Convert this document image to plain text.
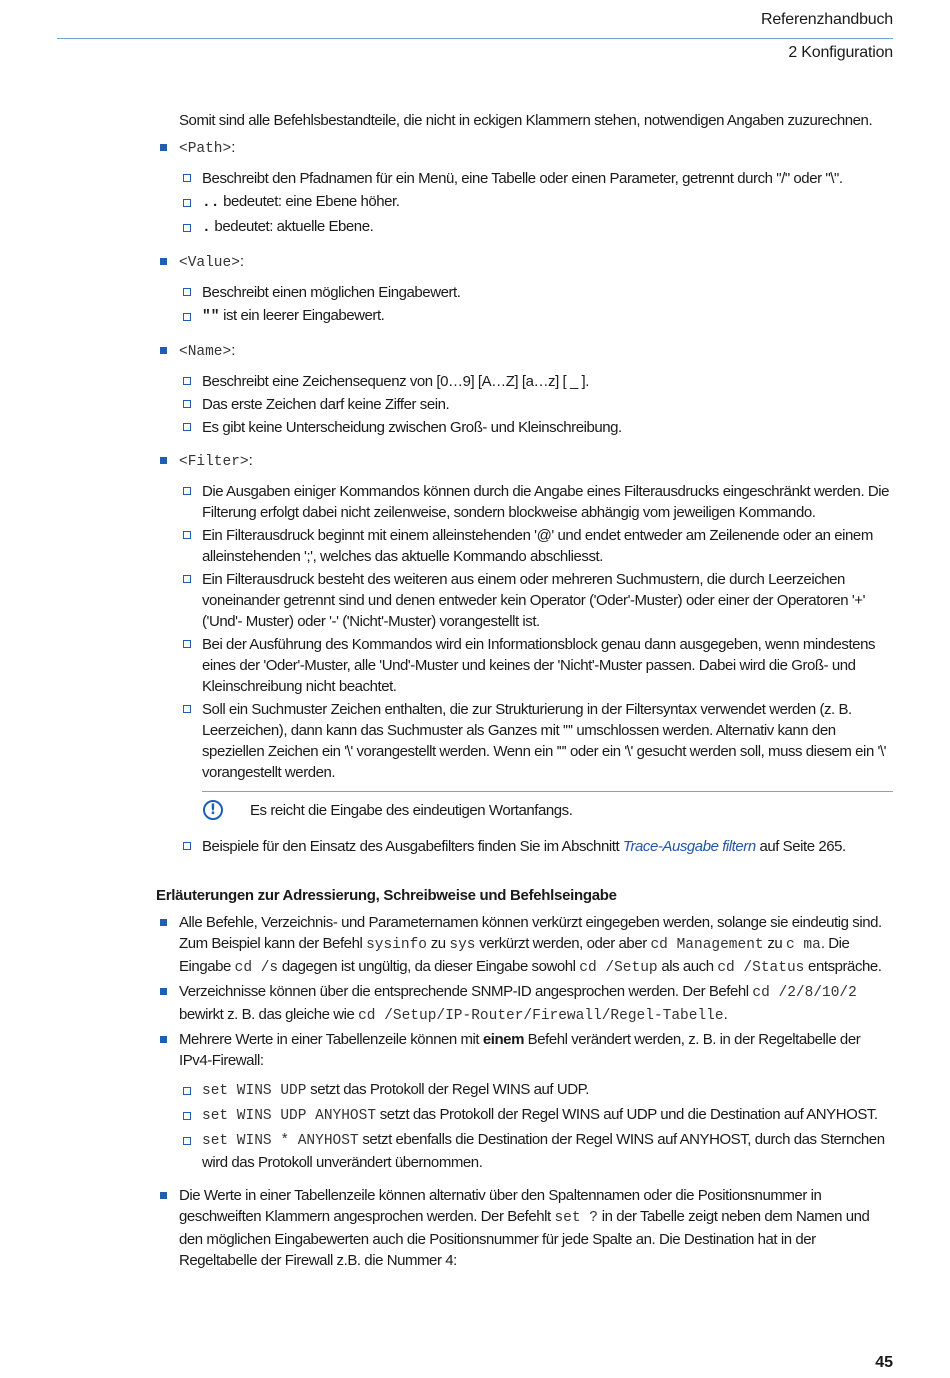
Referenzhandbuch
2 Konfiguration

Somit sind alle Befehlsbestandteile, die nicht in eckigen Klammern stehen, notwendigen Angaben zuzurechnen.

<Path>:
Beschreibt den Pfadnamen für ein Menü, eine Tabelle oder einen Parameter, getrennt durch "/" oder "\".
.. bedeutet: eine Ebene höher.
. bedeutet: aktuelle Ebene.
<Value>:
Beschreibt einen möglichen Eingabewert.
"" ist ein leerer Eingabewert.
<Name>:
Beschreibt eine Zeichensequenz von [0…9] [A…Z] [a…z] [ _ ].
Das erste Zeichen darf keine Ziffer sein.
Es gibt keine Unterscheidung zwischen Groß- und Kleinschreibung.
<Filter>:
Die Ausgaben einiger Kommandos können durch die Angabe eines Filterausdrucks eingeschränkt werden. Die Filterung erfolgt dabei nicht zeilenweise, sondern blockweise abhängig vom jeweiligen Kommando.
Ein Filterausdruck beginnt mit einem alleinstehenden '@' und endet entweder am Zeilenende oder an einem alleinstehenden ';', welches das aktuelle Kommando abschliesst.
Ein Filterausdruck besteht des weiteren aus einem oder mehreren Suchmustern, die durch Leerzeichen voneinander getrennt sind und denen entweder kein Operator ('Oder'-Muster) oder einer der Operatoren '+' ('Und'- Muster) oder '-' ('Nicht'-Muster) vorangestellt ist.
Bei der Ausführung des Kommandos wird ein Informationsblock genau dann ausgegeben, wenn mindestens eines der 'Oder'-Muster, alle 'Und'-Muster und keines der 'Nicht'-Muster passen. Dabei wird die Groß- und Kleinschreibung nicht beachtet.
Soll ein Suchmuster Zeichen enthalten, die zur Strukturierung in der Filtersyntax verwendet werden (z. B. Leerzeichen), dann kann das Suchmuster als Ganzes mit '"' umschlossen werden. Alternativ kann den speziellen Zeichen ein '\' vorangestellt werden. Wenn ein '"' oder ein '\' gesucht werden soll, muss diesem ein '\' vorangestellt werden.
!	Es reicht die Eingabe des eindeutigen Wortanfangs.
Beispiele für den Einsatz des Ausgabefilters finden Sie im Abschnitt Trace-Ausgabe filtern auf Seite 265.
Erläuterungen zur Adressierung, Schreibweise und Befehlseingabe
Alle Befehle, Verzeichnis- und Parameternamen können verkürzt eingegeben werden, solange sie eindeutig sind. Zum Beispiel kann der Befehl sysinfo zu sys verkürzt werden, oder aber cd Management zu c ma. Die Eingabe cd /s dagegen ist ungültig, da dieser Eingabe sowohl cd /Setup als auch cd /Status entspräche.
Verzeichnisse können über die entsprechende SNMP-ID angesprochen werden. Der Befehl cd /2/8/10/2 bewirkt z. B. das gleiche wie cd /Setup/IP-Router/Firewall/Regel-Tabelle.
Mehrere Werte in einer Tabellenzeile können mit einem Befehl verändert werden, z. B. in der Regeltabelle der IPv4-Firewall:
set WINS UDP setzt das Protokoll der Regel WINS auf UDP.
set WINS UDP ANYHOST setzt das Protokoll der Regel WINS auf UDP und die Destination auf ANYHOST.
set WINS * ANYHOST setzt ebenfalls die Destination der Regel WINS auf ANYHOST, durch das Sternchen wird das Protokoll unverändert übernommen.
Die Werte in einer Tabellenzeile können alternativ über den Spaltennamen oder die Positionsnummer in geschweiften Klammern angesprochen werden. Der Befehlt set ? in der Tabelle zeigt neben dem Namen und den möglichen Eingabewerten auch die Positionsnummer für jede Spalte an. Die Destination hat in der Regeltabelle der Firewall z.B. die Nummer 4:
45
